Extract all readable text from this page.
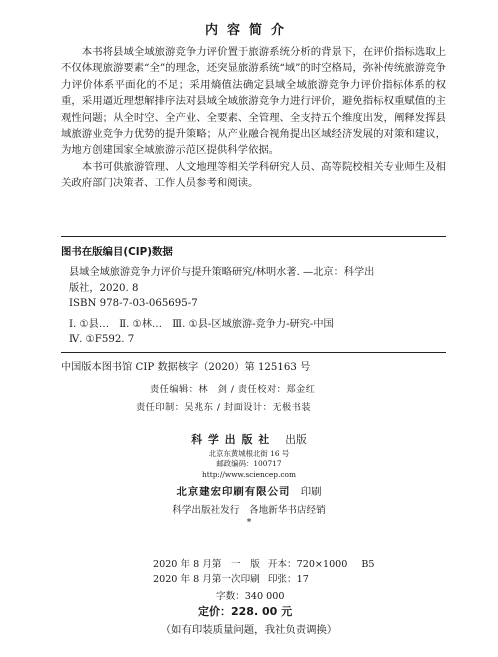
内容简介

本书将县域全域旅游竞争力评价置于旅游系统分析的背景下，在评价指标选取上不仅体现旅游要素“全”的理念，还突显旅游系统“域”的时空格局，弥补传统旅游竞争力评价体系平面化的不足；采用熵值法确定县域全域旅游竞争力评价指标体系的权重，采用逼近理想解排序法对县域全域旅游竞争力进行评价，避免指标权重赋值的主观性问题；从全时空、全产业、全要素、全管理、全支持五个维度出发，阐释发挥县域旅游业竞争力优势的提升策略；从产业融合视角提出区域经济发展的对策和建议，为地方创建国家全域旅游示范区提供科学依据。

本书可供旅游管理、人文地理等相关学科研究人员、高等院校相关专业师生及相关政府部门决策者、工作人员参考和阅读。

图书在版编目(CIP)数据
县域全域旅游竞争力评价与提升策略研究/林明水著. —北京：科学出
版社，2020. 8
ISBN 978-7-03-065695-7
Ⅰ. ①县…　Ⅱ. ①林…　Ⅲ. ①县-区域旅游-竞争力-研究-中国
Ⅳ. ①F592. 7
中国版本图书馆 CIP 数据核字（2020）第 125163 号
责任编辑：林　剑 / 责任校对：郑金红
责任印制：吴兆东 / 封面设计：无极书装
科学出版社 出版
北京东黄城根北街 16 号
邮政编码：100717
http://www.sciencep.com
北京建宏印刷有限公司　 印刷
科学出版社发行　各地新华书店经销
*
2020 年 8 月第　一　版	开本：720×1000	B5
2020 年 8 月第一次印刷	印张：17	
字数：340 000
定价：228. 00 元
（如有印装质量问题，我社负责调换）
